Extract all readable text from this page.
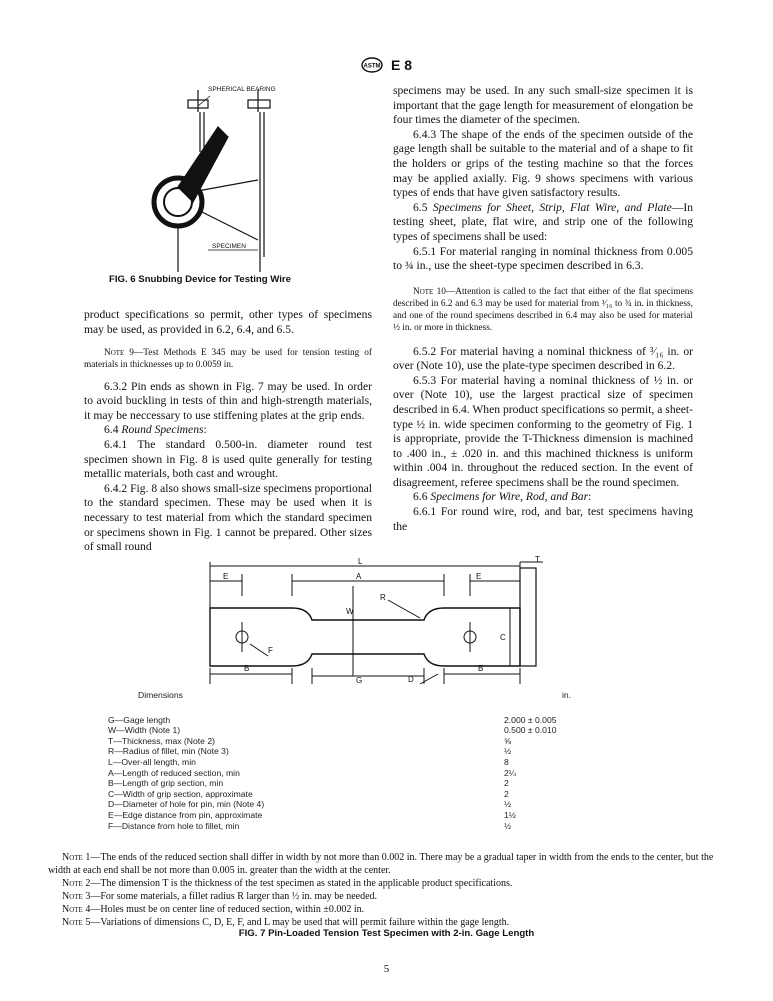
ASTM E 8
SPHERICAL BEARING
SPECIMEN
FIG. 6 Snubbing Device for Testing Wire

product specifications so permit, other types of specimens may be used, as provided in 6.2, 6.4, and 6.5.

Note 9—Test Methods E 345 may be used for tension testing of materials in thicknesses up to 0.0059 in.

6.3.2 Pin ends as shown in Fig. 7 may be used. In order to avoid buckling in tests of thin and high-strength materials, it may be neccessary to use stiffening plates at the grip ends.

6.4 Round Specimens:

6.4.1 The standard 0.500-in. diameter round test specimen shown in Fig. 8 is used quite generally for testing metallic materials, both cast and wrought.

6.4.2 Fig. 8 also shows small-size specimens proportional to the standard specimen. These may be used when it is necessary to test material from which the standard specimen or specimens shown in Fig. 1 cannot be prepared. Other sizes of small round

specimens may be used. In any such small-size specimen it is important that the gage length for measurement of elongation be four times the diameter of the specimen.

6.4.3 The shape of the ends of the specimen outside of the gage length shall be suitable to the material and of a shape to fit the holders or grips of the testing machine so that the forces may be applied axially. Fig. 9 shows specimens with various types of ends that have given satisfactory results.

6.5 Specimens for Sheet, Strip, Flat Wire, and Plate—In testing sheet, plate, flat wire, and strip one of the following types of specimens shall be used:

6.5.1 For material ranging in nominal thickness from 0.005 to ¾ in., use the sheet-type specimen described in 6.3.

Note 10—Attention is called to the fact that either of the flat specimens described in 6.2 and 6.3 may be used for material from ³⁄₁₆ to ¾ in. in thickness, and one of the round specimens described in 6.4 may also be used for material ½ in. or more in thickness.

6.5.2 For material having a nominal thickness of ³⁄₁₆ in. or over (Note 10), use the plate-type specimen described in 6.2.

6.5.3 For material having a nominal thickness of ½ in. or over (Note 10), use the largest practical size of specimen described in 6.4. When product specifications so permit, a sheet-type ½ in. wide specimen conforming to the geometry of Fig. 1 is appropriate, provide the T-Thickness dimension is machined to .400 in., ± .020 in. and this machined thickness is uniform within .004 in. throughout the reduced section. In the event of disagreement, referee specimens shall be the round specimen.

6.6 Specimens for Wire, Rod, and Bar:

6.6.1 For round wire, rod, and bar, test specimens having the

L
E	A	E
T
R
W
C
F
B
G	D
B
Dimensions	in.
G—Gage length	2.000 ± 0.005
W—Width (Note 1)	0.500 ± 0.010
T—Thickness, max (Note 2)	⅝
R—Radius of fillet, min (Note 3)	½
L—Over-all length, min	8
A—Length of reduced section, min	2¼
B—Length of grip section, min	2
C—Width of grip section, approximate	2
D—Diameter of hole for pin, min (Note 4)	½
E—Edge distance from pin, approximate	1½
F—Distance from hole to fillet, min	½

Note 1—The ends of the reduced section shall differ in width by not more than 0.002 in. There may be a gradual taper in width from the ends to the center, but the width at each end shall be not more than 0.005 in. greater than the width at the center.

Note 2—The dimension T is the thickness of the test specimen as stated in the applicable product specifications.

Note 3—For some materials, a fillet radius R larger than ½ in. may be needed.

Note 4—Holes must be on center line of reduced section, within ±0.002 in.

Note 5—Variations of dimensions C, D, E, F, and L may be used that will permit failure within the gage length.

FIG. 7 Pin-Loaded Tension Test Specimen with 2-in. Gage Length
5
